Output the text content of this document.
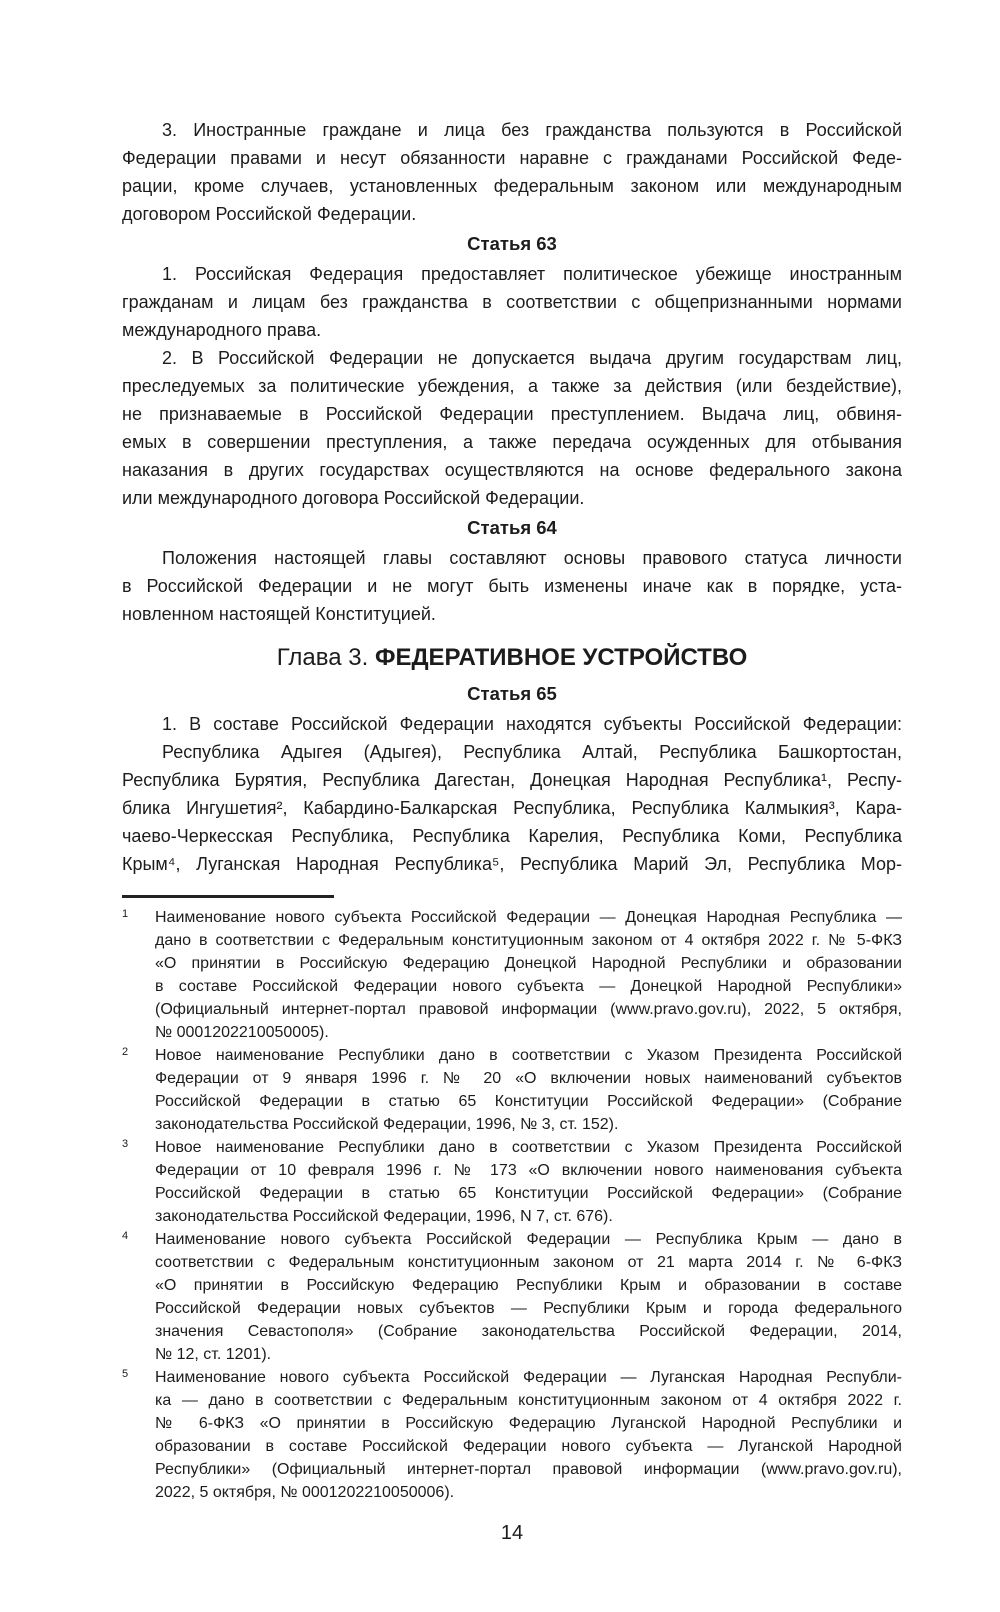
3. Иностранные граждане и лица без гражданства пользуются в Российской
Федерации правами и несут обязанности наравне с гражданами Российской Феде-
рации, кроме случаев, установленных федеральным законом или международным
договором Российской Федерации.
Статья 63
1. Российская Федерация предоставляет политическое убежище иностранным
гражданам и лицам без гражданства в соответствии с общепризнанными нормами
международного права.
2. В Российской Федерации не допускается выдача другим государствам лиц,
преследуемых за политические убеждения, а также за действия (или бездействие),
не признаваемые в Российской Федерации преступлением. Выдача лиц, обвиня-
емых в совершении преступления, а также передача осужденных для отбывания
наказания в других государствах осуществляются на основе федерального закона
или международного договора Российской Федерации.
Статья 64
Положения настоящей главы составляют основы правового статуса личности
в Российской Федерации и не могут быть изменены иначе как в порядке, уста-
новленном настоящей Конституцией.
Глава 3. ФЕДЕРАТИВНОЕ УСТРОЙСТВО
Статья 65
1. В составе Российской Федерации находятся субъекты Российской Федерации:
Республика Адыгея (Адыгея), Республика Алтай, Республика Башкортостан,
Республика Бурятия, Республика Дагестан, Донецкая Народная Республика¹, Респу-
блика Ингушетия², Кабардино-Балкарская Республика, Республика Калмыкия³, Кара-
чаево-Черкесская Республика, Республика Карелия, Республика Коми, Республика
Крым⁴, Луганская Народная Республика⁵, Республика Марий Эл, Республика Мор-
1	Наименование нового субъекта Российской Федерации — Донецкая Народная Республика —
дано в соответствии с Федеральным конституционным законом от 4 октября 2022 г. № 5-ФКЗ
«О принятии в Российскую Федерацию Донецкой Народной Республики и образовании
в составе Российской Федерации нового субъекта — Донецкой Народной Республики»
(Официальный интернет-портал правовой информации (www.pravo.gov.ru), 2022, 5 октября,
№ 0001202210050005).
2	Новое наименование Республики дано в соответствии с Указом Президента Российской
Федерации от 9 января 1996 г. № 20 «О включении новых наименований субъектов
Российской Федерации в статью 65 Конституции Российской Федерации» (Собрание
законодательства Российской Федерации, 1996, № 3, ст. 152).
3	Новое наименование Республики дано в соответствии с Указом Президента Российской
Федерации от 10 февраля 1996 г. № 173 «О включении нового наименования субъекта
Российской Федерации в статью 65 Конституции Российской Федерации» (Собрание
законодательства Российской Федерации, 1996, N 7, ст. 676).
4	Наименование нового субъекта Российской Федерации — Республика Крым — дано в
соответствии с Федеральным конституционным законом от 21 марта 2014 г. № 6-ФКЗ
«О принятии в Российскую Федерацию Республики Крым и образовании в составе
Российской Федерации новых субъектов — Республики Крым и города федерального
значения Севастополя» (Собрание законодательства Российской Федерации, 2014,
№ 12, ст. 1201).
5	Наименование нового субъекта Российской Федерации — Луганская Народная Республи-
ка — дано в соответствии с Федеральным конституционным законом от 4 октября 2022 г.
№ 6-ФКЗ «О принятии в Российскую Федерацию Луганской Народной Республики и
образовании в составе Российской Федерации нового субъекта — Луганской Народной
Республики» (Официальный интернет-портал правовой информации (www.pravo.gov.ru),
2022, 5 октября, № 0001202210050006).
14
